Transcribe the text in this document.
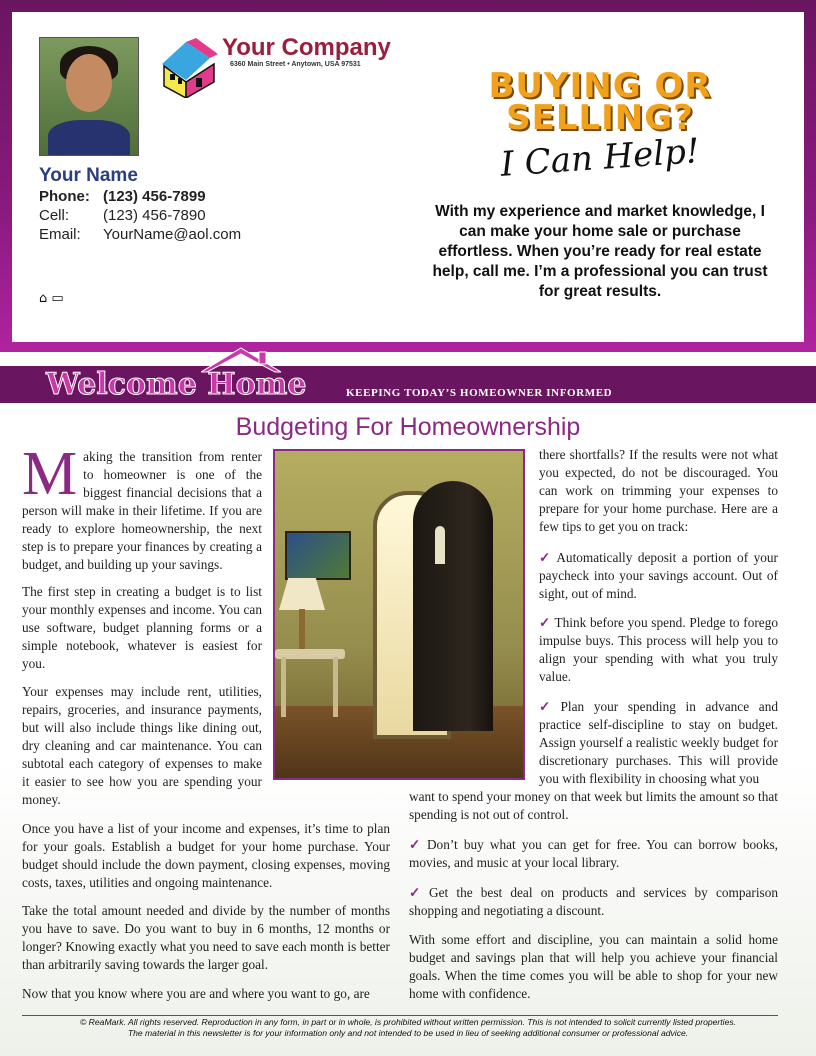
Your Company
6360 Main Street • Anytown, USA 97531
Your Name
Phone: (123) 456-7899
Cell: (123) 456-7890
Email: YourName@aol.com
⌂ ▭
BUYING OR
SELLING?
I Can Help!
With my experience and market knowledge, I can make your home sale or purchase effortless. When you’re ready for real estate help, call me. I’m a professional you can trust for great results.
Welcome Home	KEEPING TODAY’S HOMEOWNER INFORMED
Budgeting For Homeownership

Making the transition from renter to homeowner is one of the biggest financial decisions that a person will make in their lifetime. If you are ready to explore homeownership, the next step is to prepare your finances by creating a budget, and building up your savings.

The first step in creating a budget is to list your monthly expenses and income. You can use software, budget planning forms or a simple notebook, whatever is easiest for you.

Your expenses may include rent, utilities, repairs, groceries, and insurance payments, but will also include things like dining out, dry cleaning and car maintenance. You can subtotal each category of expenses to make it easier to see how you are spending your money.

Once you have a list of your income and expenses, it’s time to plan for your goals. Establish a budget for your home purchase. Your budget should include the down payment, closing expenses, moving costs, taxes, utilities and ongoing maintenance.

Take the total amount needed and divide by the number of months you have to save. Do you want to buy in 6 months, 12 months or longer? Knowing exactly what you need to save each month is better than arbitrarily saving towards the larger goal.

Now that you know where you are and where you want to go, are

there shortfalls? If the results were not what you expected, do not be discouraged. You can work on trimming your expenses to prepare for your home purchase. Here are a few tips to get you on track:

✓ Automatically deposit a portion of your paycheck into your savings account. Out of sight, out of mind.

✓ Think before you spend. Pledge to forego impulse buys. This process will help you to align your spending with what you truly value.

✓ Plan your spending in advance and practice self-discipline to stay on budget. Assign yourself a realistic weekly budget for discretionary purchases. This will provide you with flexibility in choosing what you

want to spend your money on that week but limits the amount so that spending is not out of control.

✓ Don’t buy what you can get for free. You can borrow books, movies, and music at your local library.

✓ Get the best deal on products and services by comparison shopping and negotiating a discount.

With some effort and discipline, you can maintain a solid home budget and savings plan that will help you achieve your financial goals. When the time comes you will be able to shop for your new home with confidence.

© ReaMark. All rights reserved. Reproduction in any form, in part or in whole, is prohibited without written permission. This is not intended to solicit currently listed properties.
The material in this newsletter is for your information only and not intended to be used in lieu of seeking additional consumer or professional advice.
